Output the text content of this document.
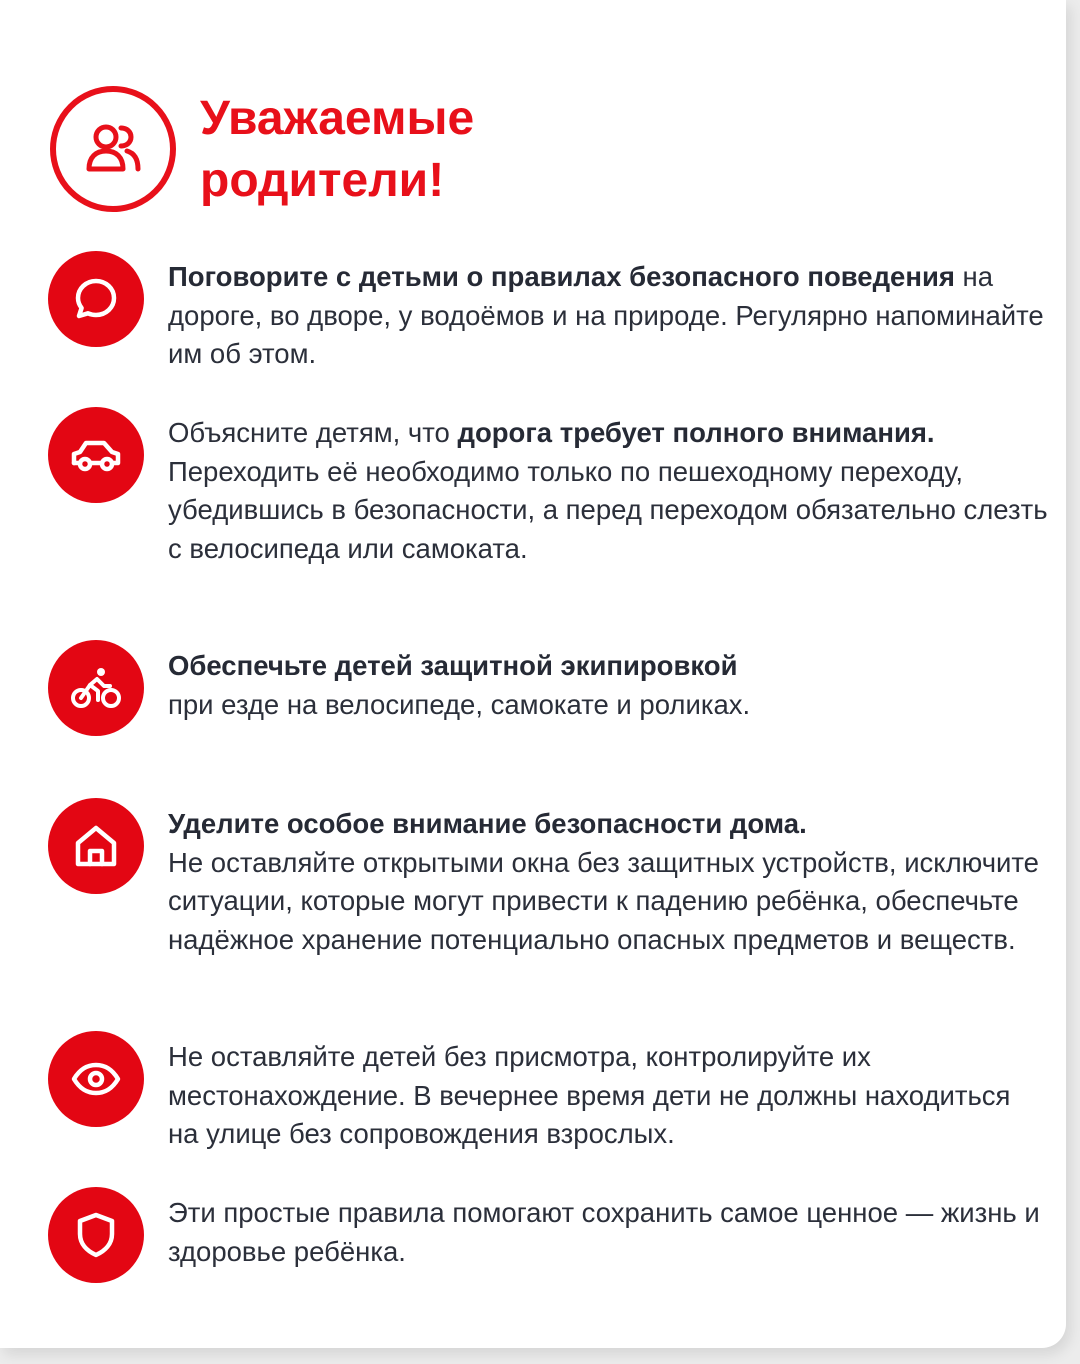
Уважаемые
родители!
Поговорите с детьми о правилах безопасного поведения на дороге, во дворе, у водоёмов и на природе. Регулярно напоминайте им об этом.
Объясните детям, что дорога требует полного внимания.
Переходить её необходимо только по пешеходному переходу, убедившись в безопасности, а перед переходом обязательно слезть с велосипеда или самоката.
Обеспечьте детей защитной экипировкой
при езде на велосипеде, самокате и роликах.
Уделите особое внимание безопасности дома.
Не оставляйте открытыми окна без защитных устройств, исключите ситуации, которые могут привести к падению ребёнка, обеспечьте надёжное хранение потенциально опасных предметов и веществ.
Не оставляйте детей без присмотра, контролируйте их местонахождение. В вечернее время дети не должны находиться на улице без сопровождения взрослых.
Эти простые правила помогают сохранить самое ценное — жизнь и здоровье ребёнка.
